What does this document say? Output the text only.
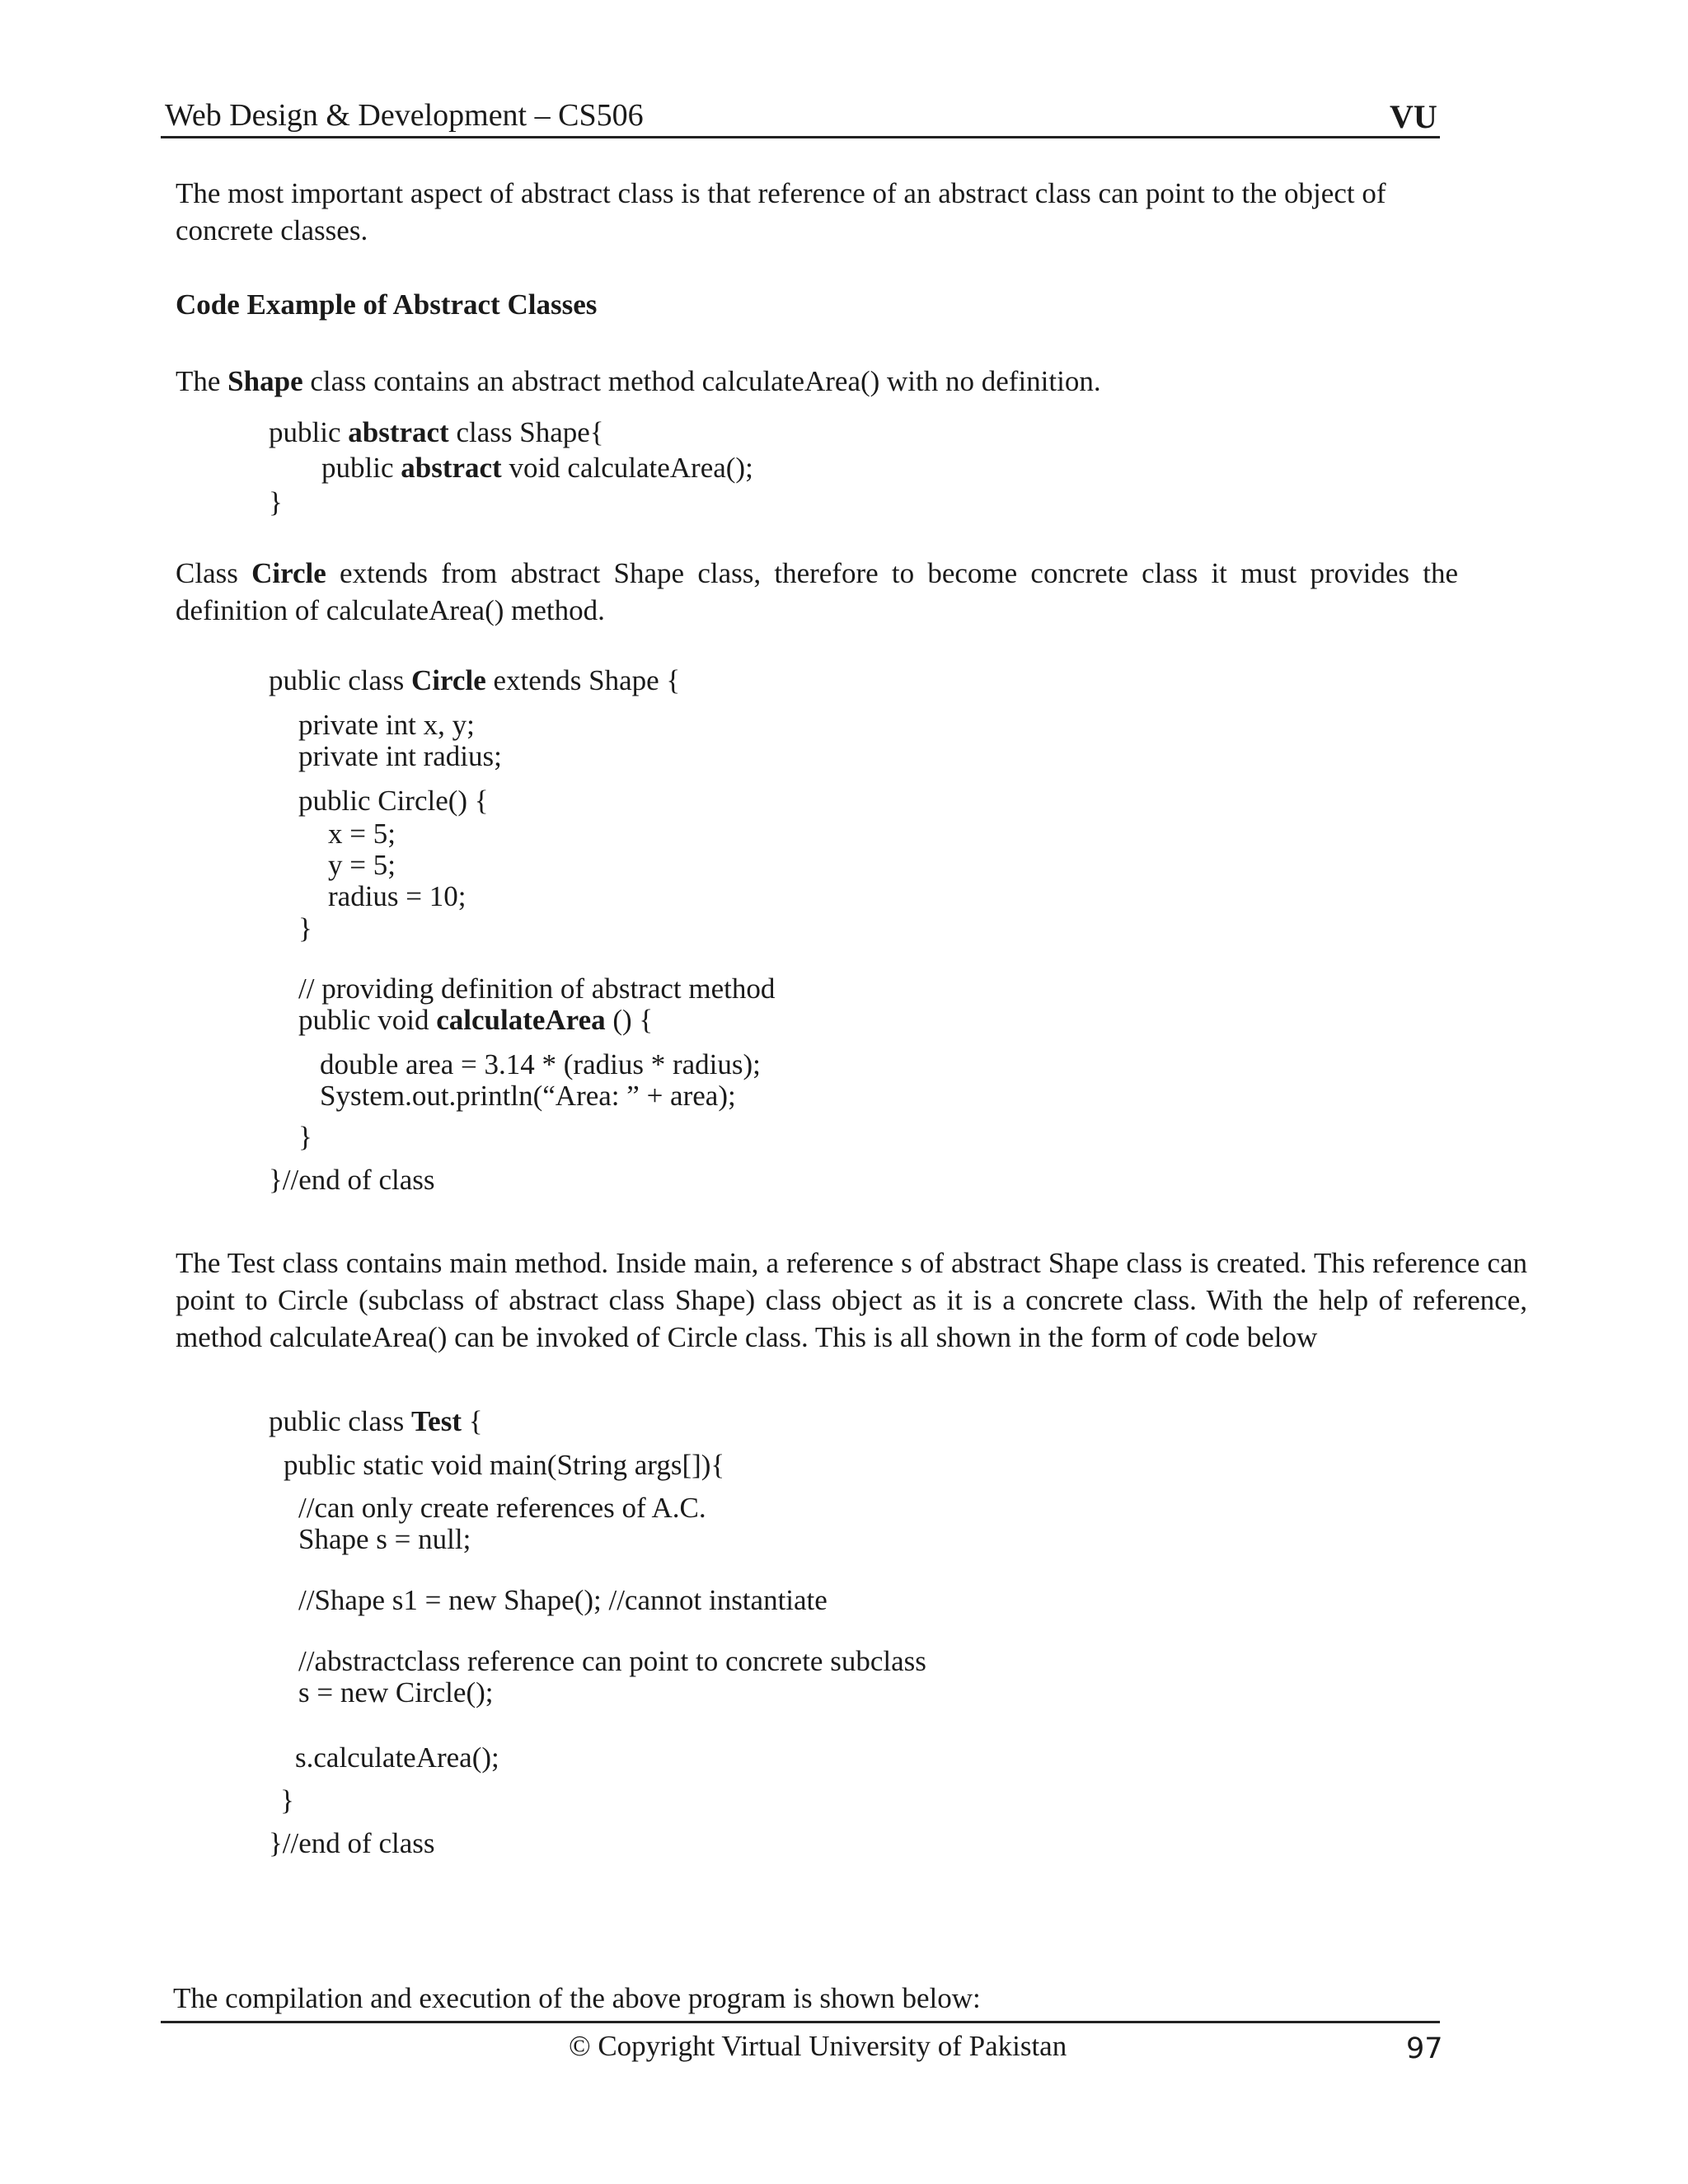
Web Design & Development – CS506	VU
The most important aspect of abstract class is that reference of an abstract class can point to the object of concrete classes.
Code Example of Abstract Classes
The Shape class contains an abstract method calculateArea() with no definition.
public abstract class Shape{
public abstract void calculateArea();
}
Class Circle extends from abstract Shape class, therefore to become concrete class it must provides the definition of calculateArea() method.
public class Circle extends Shape {
private int x, y;
private int radius;
public Circle() {
x = 5;
y = 5;
radius = 10;
}
// providing definition of abstract method
public void calculateArea () {
double area = 3.14 * (radius * radius);
System.out.println(“Area: ” + area);
}
}//end of class
The Test class contains main method. Inside main, a reference s of abstract Shape class is created. This reference can point to Circle (subclass of abstract class Shape) class object as it is a concrete class. With the help of reference, method calculateArea() can be invoked of Circle class. This is all shown in the form of code below
public class Test {
public static void main(String args[]){
//can only create references of A.C.
Shape s = null;
//Shape s1 = new Shape(); //cannot instantiate
//abstractclass reference can point to concrete subclass
s = new Circle();
s.calculateArea();
}
}//end of class
The compilation and execution of the above program is shown below:
© Copyright Virtual University of Pakistan	97
